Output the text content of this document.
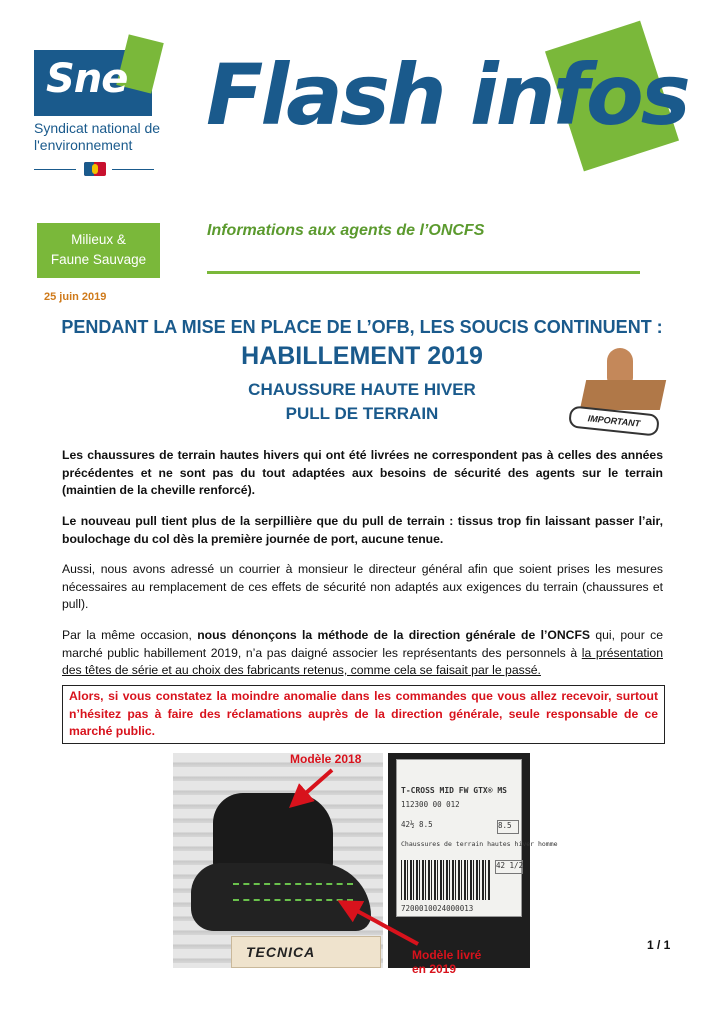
Sne
Syndicat national de
l'environnement
Flash infos
Milieux &
Faune Sauvage
Informations aux agents de l’ONCFS
25 juin 2019
PENDANT LA MISE EN PLACE DE L’OFB, LES SOUCIS CONTINUENT :
HABILLEMENT 2019
CHAUSSURE HAUTE HIVER
PULL DE TERRAIN	IMPORTANT

Les chaussures de terrain hautes hivers qui ont été livrées ne correspondent pas à celles des années précédentes et ne sont pas du tout adaptées aux besoins de sécurité des agents sur le terrain (maintien de la cheville renforcé).

Le nouveau pull tient plus de la serpillière que du pull de terrain : tissus trop fin laissant passer l’air, boulochage du col dès la première journée de port, aucune tenue.

Aussi, nous avons adressé un courrier à monsieur le directeur général afin que soient prises les mesures nécessaires au remplacement de ces effets de sécurité non adaptés aux exigences du terrain (chaussures et pull).

Par la même occasion, nous dénonçons la méthode de la direction générale de l’ONCFS qui, pour ce marché public habillement 2019, n’a pas daigné associer les représentants des personnels à la présentation des têtes de série et au choix des fabricants retenus, comme cela se faisait par le passé.

Alors, si vous constatez la moindre anomalie dans les commandes que vous allez recevoir, surtout n’hésitez pas à faire des réclamations auprès de la direction générale, seule responsable de ce marché public.
TECNICA
T-CROSS MID FW GTX® MS
112300 00 012
42½ 8.5
Chaussures de terrain hautes hiver homme
7200010024000013
8.5
42 1/2
Modèle 2018
Modèle livré
en 2019
1 / 1
